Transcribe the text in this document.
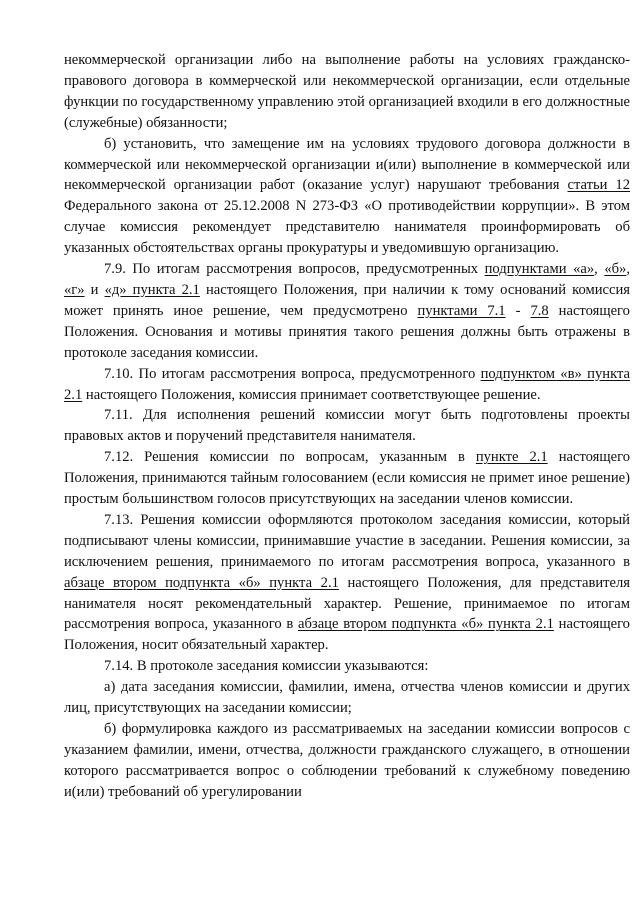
некоммерческой организации либо на выполнение работы на условиях гражданско-правового договора в коммерческой или некоммерческой организации, если отдельные функции по государственному управлению этой организацией входили в его должностные (служебные) обязанности;

б) установить, что замещение им на условиях трудового договора должности в коммерческой или некоммерческой организации и(или) выполнение в коммерческой или некоммерческой организации работ (оказание услуг) нарушают требования статьи 12 Федерального закона от 25.12.2008 N 273-ФЗ «О противодействии коррупции». В этом случае комиссия рекомендует представителю нанимателя проинформировать об указанных обстоятельствах органы прокуратуры и уведомившую организацию.

7.9. По итогам рассмотрения вопросов, предусмотренных подпунктами «а», «б», «г» и «д» пункта 2.1 настоящего Положения, при наличии к тому оснований комиссия может принять иное решение, чем предусмотрено пунктами 7.1 - 7.8 настоящего Положения. Основания и мотивы принятия такого решения должны быть отражены в протоколе заседания комиссии.

7.10. По итогам рассмотрения вопроса, предусмотренного подпунктом «в» пункта 2.1 настоящего Положения, комиссия принимает соответствующее решение.

7.11. Для исполнения решений комиссии могут быть подготовлены проекты правовых актов и поручений представителя нанимателя.

7.12. Решения комиссии по вопросам, указанным в пункте 2.1 настоящего Положения, принимаются тайным голосованием (если комиссия не примет иное решение) простым большинством голосов присутствующих на заседании членов комиссии.

7.13. Решения комиссии оформляются протоколом заседания комиссии, который подписывают члены комиссии, принимавшие участие в заседании. Решения комиссии, за исключением решения, принимаемого по итогам рассмотрения вопроса, указанного в абзаце втором подпункта «б» пункта 2.1 настоящего Положения, для представителя нанимателя носят рекомендательный характер. Решение, принимаемое по итогам рассмотрения вопроса, указанного в абзаце втором подпункта «б» пункта 2.1 настоящего Положения, носит обязательный характер.

7.14. В протоколе заседания комиссии указываются:

а) дата заседания комиссии, фамилии, имена, отчества членов комиссии и других лиц, присутствующих на заседании комиссии;

б) формулировка каждого из рассматриваемых на заседании комиссии вопросов с указанием фамилии, имени, отчества, должности гражданского служащего, в отношении которого рассматривается вопрос о соблюдении требований к служебному поведению и(или) требований об урегулировании
